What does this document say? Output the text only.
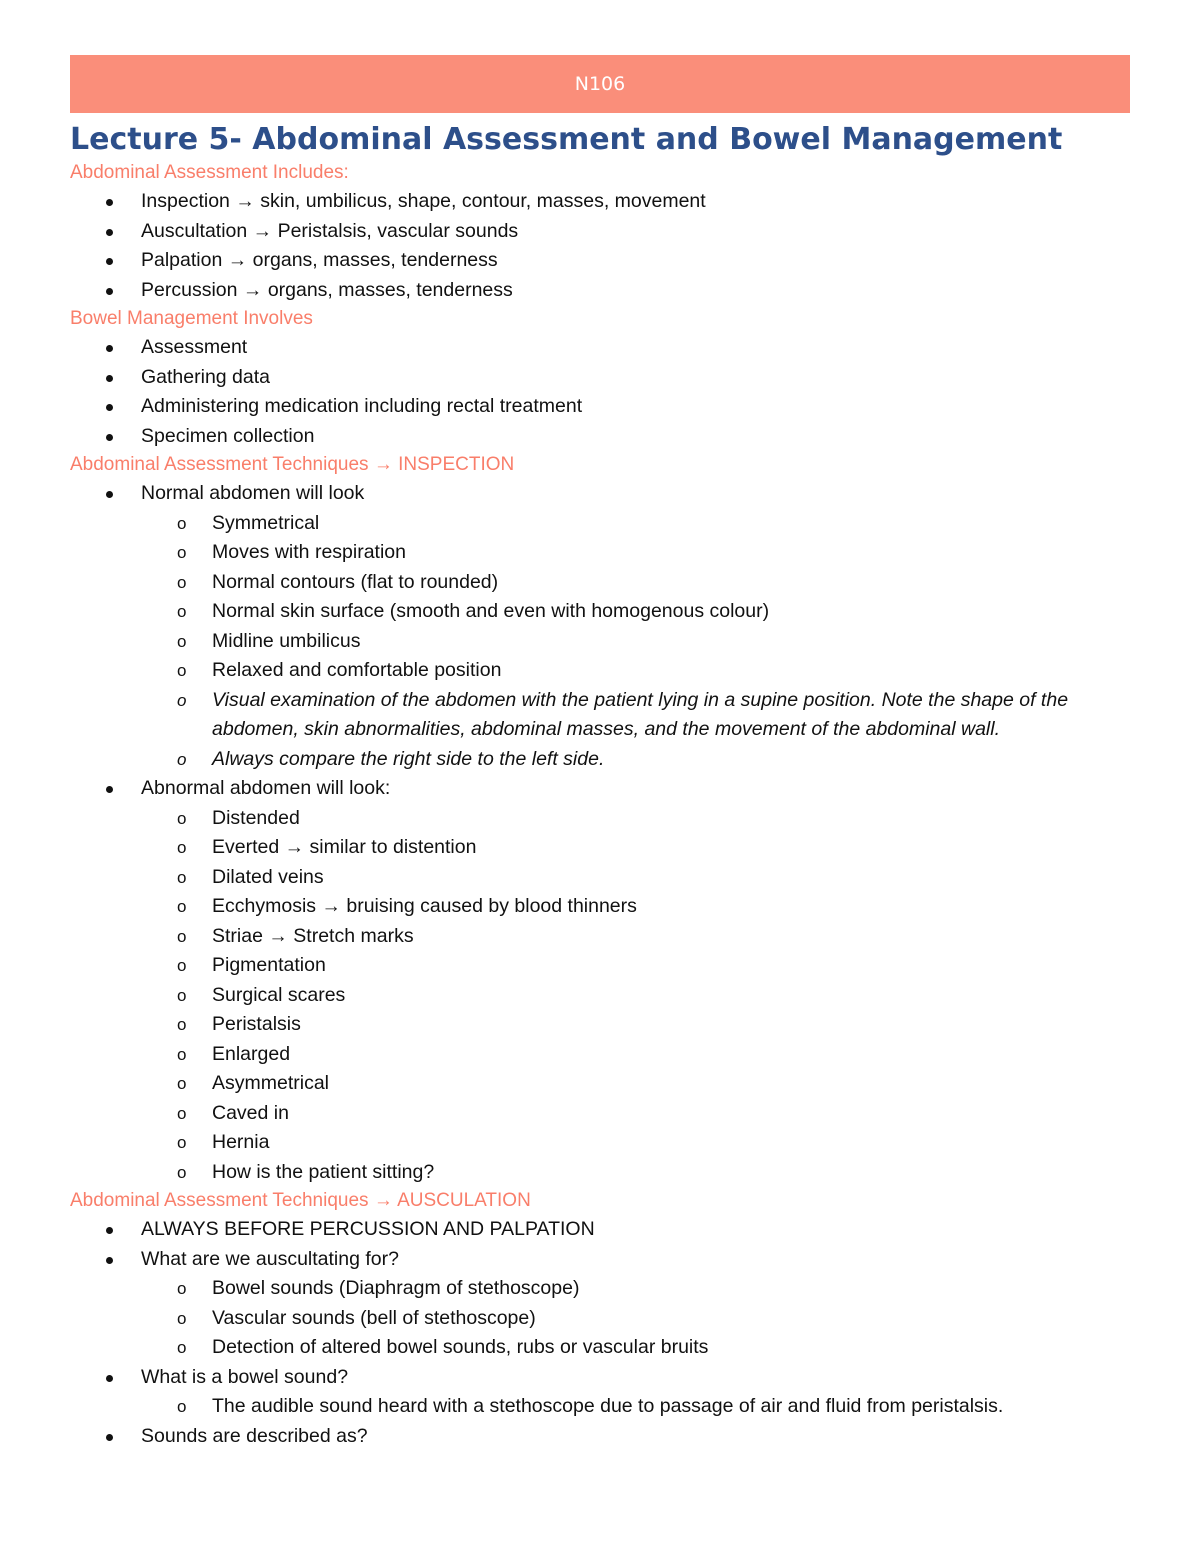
N106
Lecture 5- Abdominal Assessment and Bowel Management

Abdominal Assessment Includes:

Inspection → skin, umbilicus, shape, contour, masses, movement
Auscultation → Peristalsis, vascular sounds
Palpation → organs, masses, tenderness
Percussion → organs, masses, tenderness

Bowel Management Involves

Assessment
Gathering data
Administering medication including rectal treatment
Specimen collection

Abdominal Assessment Techniques → INSPECTION

Normal abdomen will look
o Symmetrical
o Moves with respiration
o Normal contours (flat to rounded)
o Normal skin surface (smooth and even with homogenous colour)
o Midline umbilicus
o Relaxed and comfortable position
o Visual examination of the abdomen with the patient lying in a supine position. Note the shape of the abdomen, skin abnormalities, abdominal masses, and the movement of the abdominal wall.
o Always compare the right side to the left side.
Abnormal abdomen will look:
o Distended
o Everted → similar to distention
o Dilated veins
o Ecchymosis → bruising caused by blood thinners
o Striae → Stretch marks
o Pigmentation
o Surgical scares
o Peristalsis
o Enlarged
o Asymmetrical
o Caved in
o Hernia
o How is the patient sitting?

Abdominal Assessment Techniques → AUSCULATION

ALWAYS BEFORE PERCUSSION AND PALPATION
What are we auscultating for?
o Bowel sounds (Diaphragm of stethoscope)
o Vascular sounds (bell of stethoscope)
o Detection of altered bowel sounds, rubs or vascular bruits
What is a bowel sound?
o The audible sound heard with a stethoscope due to passage of air and fluid from peristalsis.
Sounds are described as?
